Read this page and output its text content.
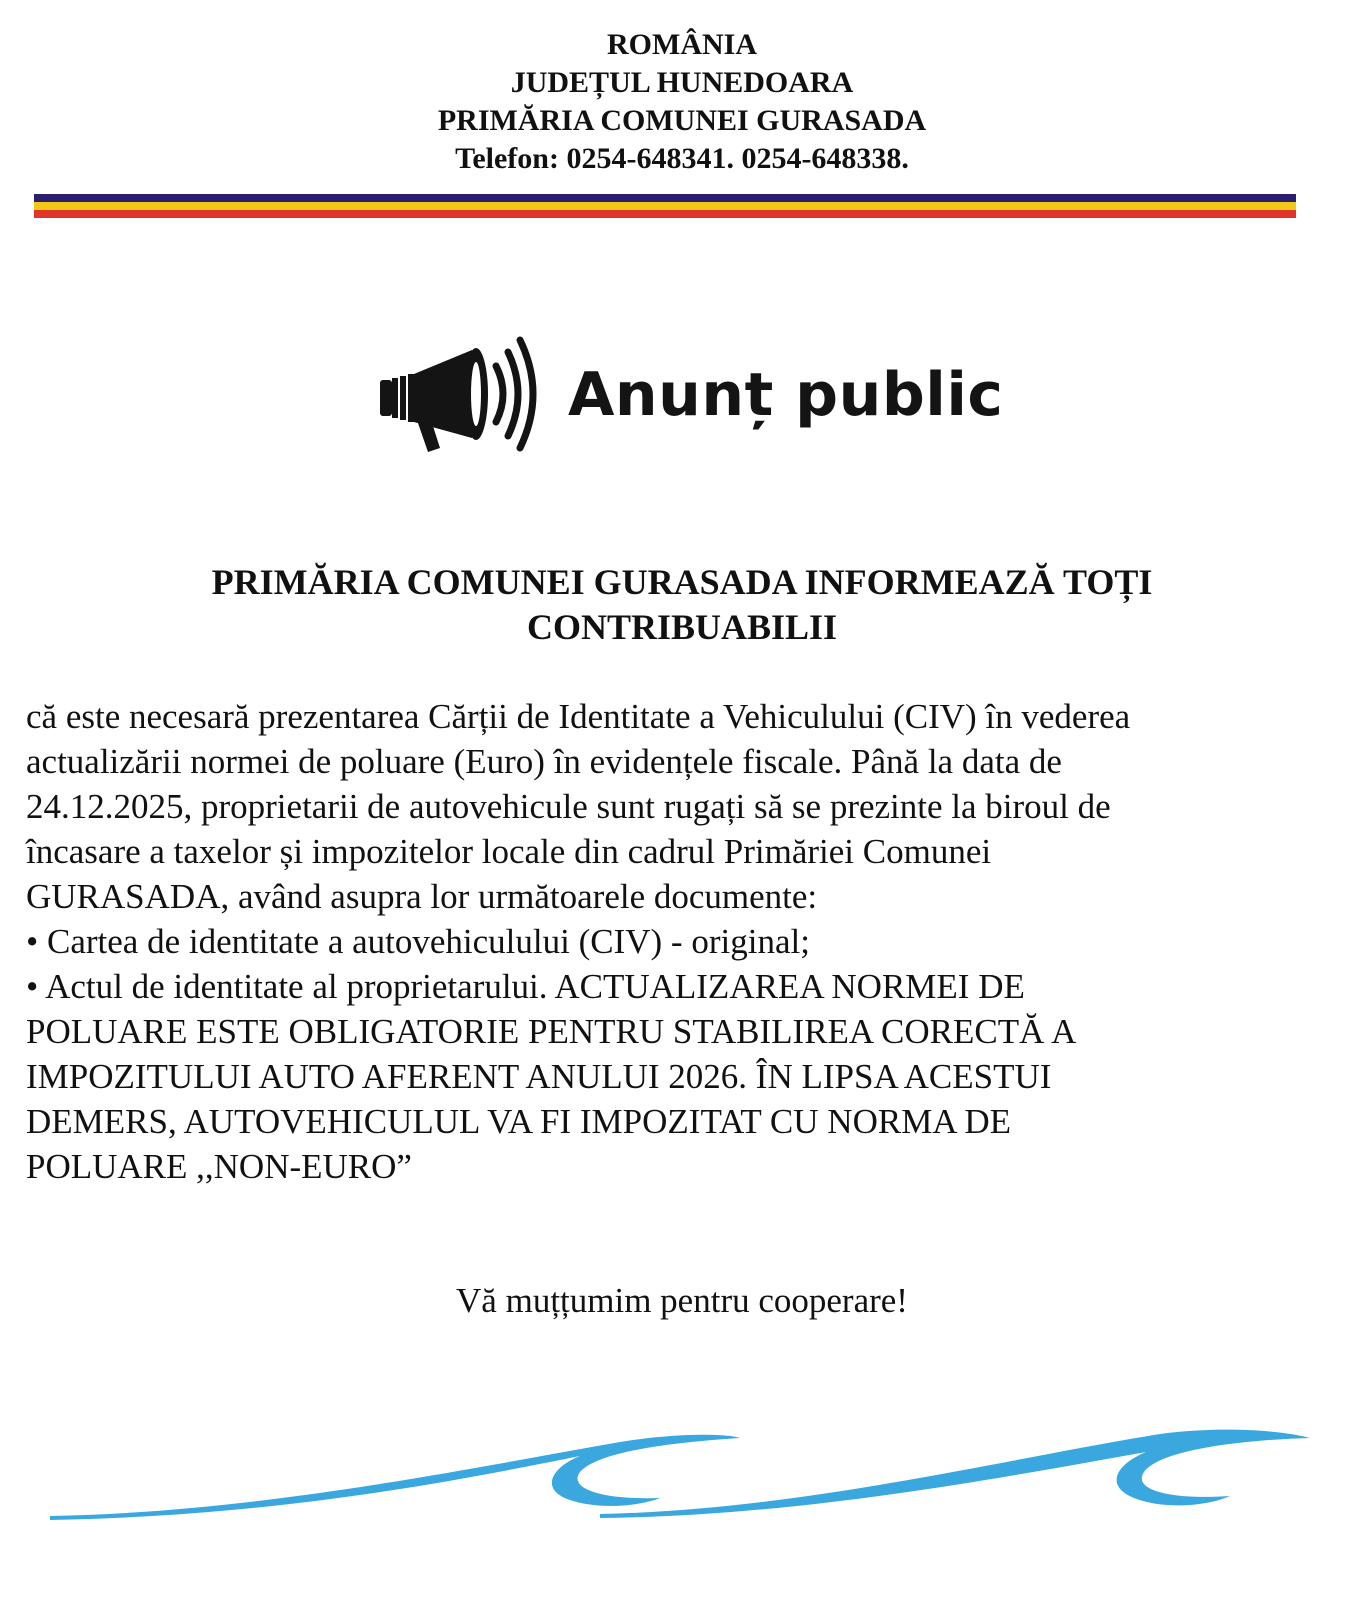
ROMÂNIA
JUDEȚUL HUNEDOARA
PRIMĂRIA COMUNEI GURASADA
Telefon: 0254-648341. 0254-648338.
Anunț public
PRIMĂRIA COMUNEI GURASADA INFORMEAZĂ TOȚI
CONTRIBUABILII
că este necesară prezentarea Cărții de Identitate a Vehiculului (CIV) în vederea
actualizării normei de poluare (Euro) în evidențele fiscale. Până la data de
24.12.2025, proprietarii de autovehicule sunt rugați să se prezinte la biroul de
încasare a taxelor și impozitelor locale din cadrul Primăriei Comunei
GURASADA, având asupra lor următoarele documente:
• Cartea de identitate a autovehiculului (CIV) - original;
• Actul de identitate al proprietarului. ACTUALIZAREA NORMEI DE
POLUARE ESTE OBLIGATORIE PENTRU STABILIREA CORECTĂ A
IMPOZITULUI AUTO AFERENT ANULUI 2026. ÎN LIPSA ACESTUI
DEMERS, AUTOVEHICULUL VA FI IMPOZITAT CU NORMA DE
POLUARE ,,NON-EURO”
Vă muțțumim pentru cooperare!
